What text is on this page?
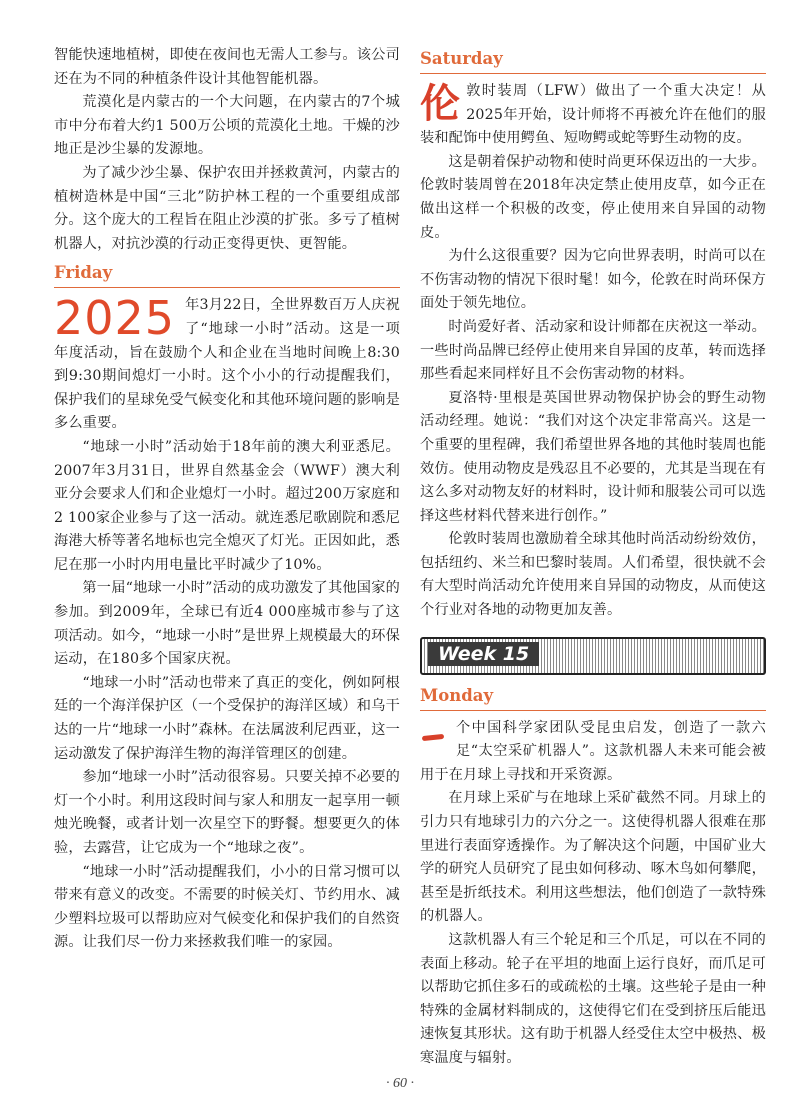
智能快速地植树，即使在夜间也无需人工参与。该公司还在为不同的种植条件设计其他智能机器。

荒漠化是内蒙古的一个大问题，在内蒙古的7个城市中分布着大约1 500万公顷的荒漠化土地。干燥的沙地正是沙尘暴的发源地。

为了减少沙尘暴、保护农田并拯救黄河，内蒙古的植树造林是中国“三北”防护林工程的一个重要组成部分。这个庞大的工程旨在阻止沙漠的扩张。多亏了植树机器人，对抗沙漠的行动正变得更快、更智能。

Friday

2025 年3月22日，全世界数百万人庆祝了“地球一小时”活动。这是一项年度活动，旨在鼓励个人和企业在当地时间晚上8:30到9:30期间熄灯一小时。这个小小的行动提醒我们，保护我们的星球免受气候变化和其他环境问题的影响是多么重要。

“地球一小时”活动始于18年前的澳大利亚悉尼。2007年3月31日，世界自然基金会（WWF）澳大利亚分会要求人们和企业熄灯一小时。超过200万家庭和2 100家企业参与了这一活动。就连悉尼歌剧院和悉尼海港大桥等著名地标也完全熄灭了灯光。正因如此，悉尼在那一小时内用电量比平时减少了10%。

第一届“地球一小时”活动的成功激发了其他国家的参加。到2009年，全球已有近4 000座城市参与了这项活动。如今，“地球一小时”是世界上规模最大的环保运动，在180多个国家庆祝。

“地球一小时”活动也带来了真正的变化，例如阿根廷的一个海洋保护区（一个受保护的海洋区域）和乌干达的一片“地球一小时”森林。在法属波利尼西亚，这一运动激发了保护海洋生物的海洋管理区的创建。

参加“地球一小时”活动很容易。只要关掉不必要的灯一个小时。利用这段时间与家人和朋友一起享用一顿烛光晚餐，或者计划一次星空下的野餐。想要更久的体验，去露营，让它成为一个“地球之夜”。

“地球一小时”活动提醒我们，小小的日常习惯可以带来有意义的改变。不需要的时候关灯、节约用水、减少塑料垃圾可以帮助应对气候变化和保护我们的自然资源。让我们尽一份力来拯救我们唯一的家园。

Saturday

伦 敦时装周（LFW）做出了一个重大决定！从2025年开始，设计师将不再被允许在他们的服装和配饰中使用鳄鱼、短吻鳄或蛇等野生动物的皮。

这是朝着保护动物和使时尚更环保迈出的一大步。伦敦时装周曾在2018年决定禁止使用皮草，如今正在做出这样一个积极的改变，停止使用来自异国的动物皮。

为什么这很重要？因为它向世界表明，时尚可以在不伤害动物的情况下很时髦！如今，伦敦在时尚环保方面处于领先地位。

时尚爱好者、活动家和设计师都在庆祝这一举动。一些时尚品牌已经停止使用来自异国的皮革，转而选择那些看起来同样好且不会伤害动物的材料。

夏洛特·里根是英国世界动物保护协会的野生动物活动经理。她说：“我们对这个决定非常高兴。这是一个重要的里程碑，我们希望世界各地的其他时装周也能效仿。使用动物皮是残忍且不必要的，尤其是当现在有这么多对动物友好的材料时，设计师和服装公司可以选择这些材料代替来进行创作。”

伦敦时装周也激励着全球其他时尚活动纷纷效仿，包括纽约、米兰和巴黎时装周。人们希望，很快就不会有大型时尚活动允许使用来自异国的动物皮，从而使这个行业对各地的动物更加友善。

Week 15
Monday

个中国科学家团队受昆虫启发，创造了一款六足“太空采矿机器人”。这款机器人未来可能会被用于在月球上寻找和开采资源。

在月球上采矿与在地球上采矿截然不同。月球上的引力只有地球引力的六分之一。这使得机器人很难在那里进行表面穿透操作。为了解决这个问题，中国矿业大学的研究人员研究了昆虫如何移动、啄木鸟如何攀爬，甚至是折纸技术。利用这些想法，他们创造了一款特殊的机器人。

这款机器人有三个轮足和三个爪足，可以在不同的表面上移动。轮子在平坦的地面上运行良好，而爪足可以帮助它抓住多石的或疏松的土壤。这些轮子是由一种特殊的金属材料制成的，这使得它们在受到挤压后能迅速恢复其形状。这有助于机器人经受住太空中极热、极寒温度与辐射。

· 60 ·
